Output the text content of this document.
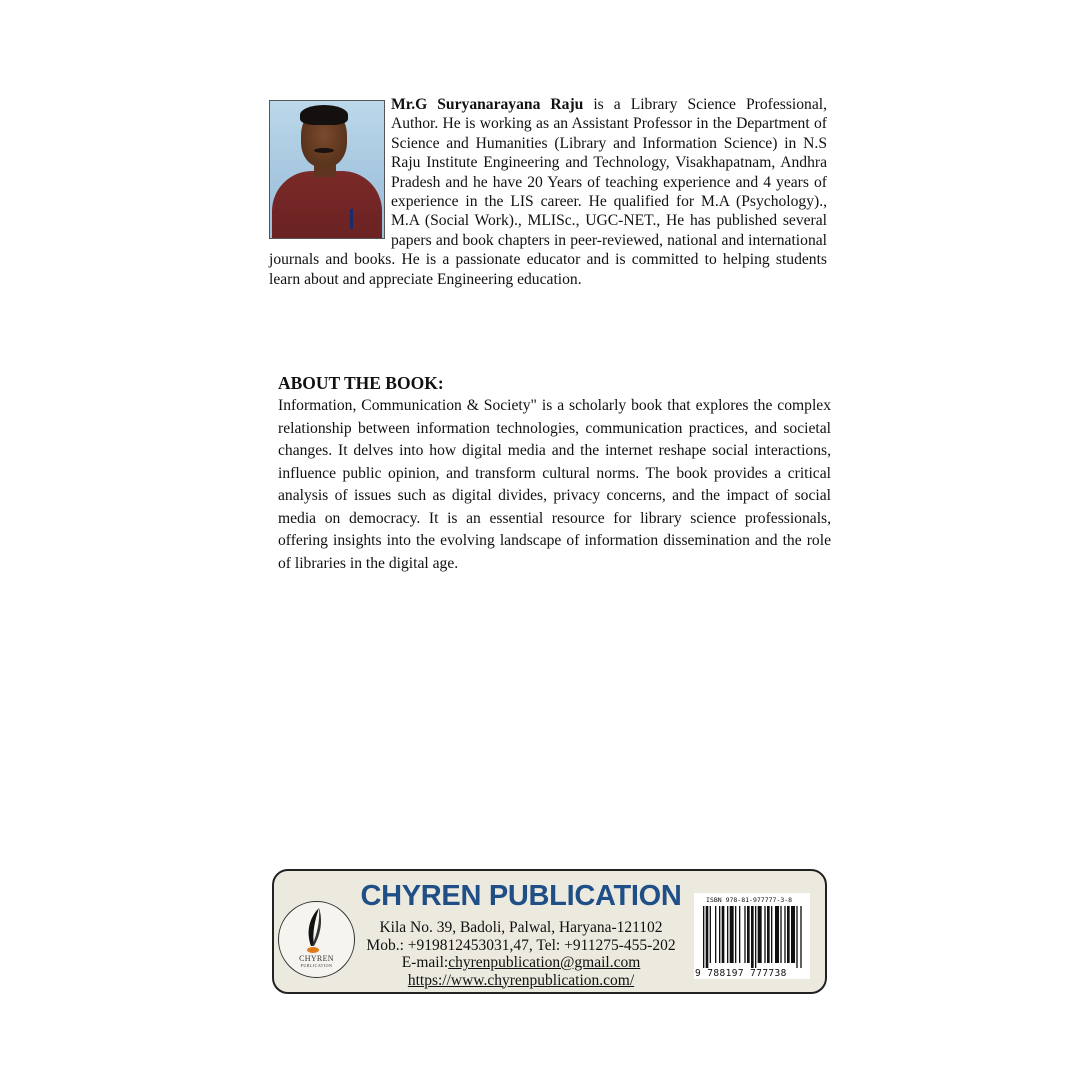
Mr.G Suryanarayana Raju is a Library Science Professional, Author. He is working as an Assistant Professor in the Department of Science and Humanities (Library and Information Science) in N.S Raju Institute Engineering and Technology, Visakhapatnam, Andhra Pradesh and he have 20 Years of teaching experience and 4 years of experience in the LIS career. He qualified for M.A (Psychology)., M.A (Social Work)., MLISc., UGC-NET., He has published several papers and book chapters in peer-reviewed, national and international journals and books. He is a passionate educator and is committed to helping students learn about and appreciate Engineering education.

ABOUT THE BOOK:

Information, Communication & Society" is a scholarly book that explores the complex relationship between information technologies, communication practices, and societal changes. It delves into how digital media and the internet reshape social interactions, influence public opinion, and transform cultural norms. The book provides a critical analysis of issues such as digital divides, privacy concerns, and the impact of social media on democracy. It is an essential resource for library science professionals, offering insights into the evolving landscape of information dissemination and the role of libraries in the digital age.

CHYREN
PUBLICATION
CHYREN PUBLICATION
Kila No. 39, Badoli, Palwal, Haryana-121102
Mob.: +919812453031,47, Tel: +911275-455-202
E-mail:chyrenpublication@gmail.com
https://www.chyrenpublication.com/
ISBN 978-81-977777-3-8
9 788197 777738
